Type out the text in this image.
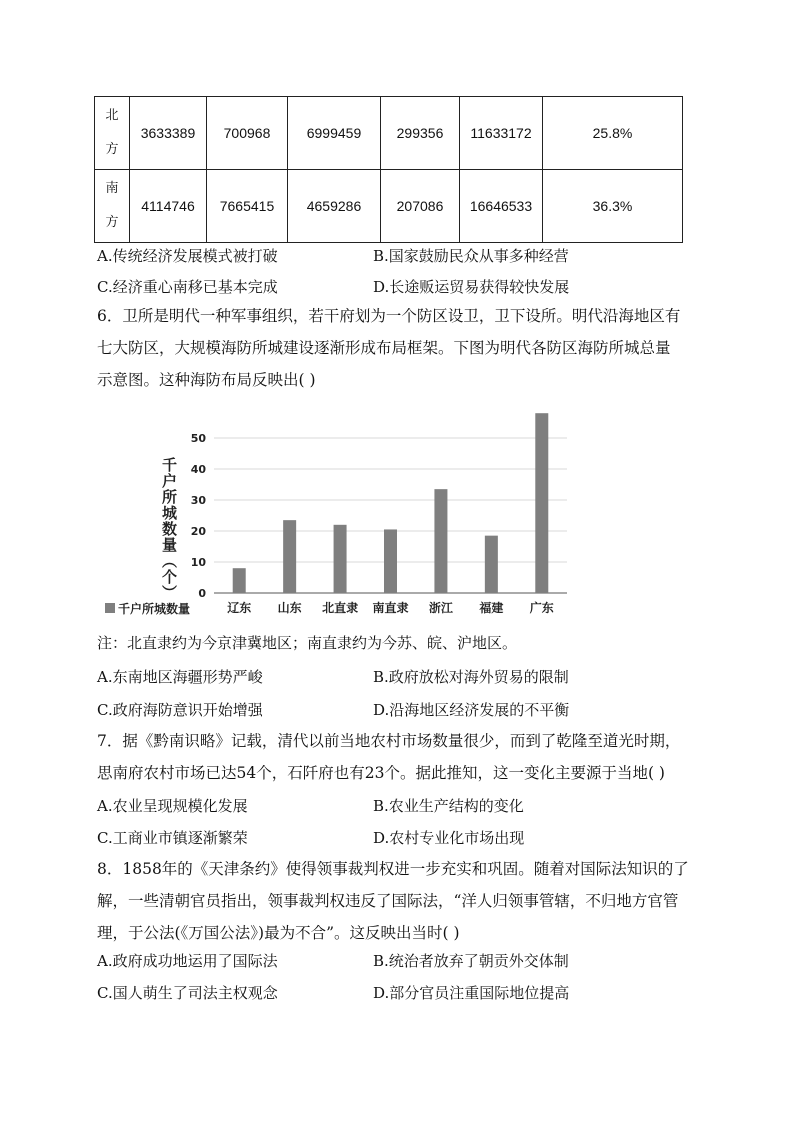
北
方	3633389	700968	6999459	299356	11633172	25.8%

南
方	4114746	7665415	4659286	207086	16646533	36.3%
A.传统经济发展模式被打破	B.国家鼓励民众从事多种经营
C.经济重心南移已基本完成	D.长途贩运贸易获得较快发展
6．卫所是明代一种军事组织，若干府划为一个防区设卫，卫下设所。明代沿海地区有
七大防区，大规模海防所城建设逐渐形成布局框架。下图为明代各防区海防所城总量
示意图。这种海防布局反映出( )
0
10
20
30
40
50
辽东 山东 北直隶 南直隶 浙江 福建 广东
千户所城数量（个）
千户所城数量
注：北直隶约为今京津冀地区；南直隶约为今苏、皖、沪地区。
A.东南地区海疆形势严峻	B.政府放松对海外贸易的限制
C.政府海防意识开始增强	D.沿海地区经济发展的不平衡
7．据《黔南识略》记载，清代以前当地农村市场数量很少，而到了乾隆至道光时期，
思南府农村市场已达54个，石阡府也有23个。据此推知，这一变化主要源于当地( )
A.农业呈现规模化发展	B.农业生产结构的变化
C.工商业市镇逐渐繁荣	D.农村专业化市场出现
8．1858年的《天津条约》使得领事裁判权进一步充实和巩固。随着对国际法知识的了
解，一些清朝官员指出，领事裁判权违反了国际法，“洋人归领事管辖，不归地方官管
理，于公法(《万国公法》)最为不合”。这反映出当时( )
A.政府成功地运用了国际法	B.统治者放弃了朝贡外交体制
C.国人萌生了司法主权观念	D.部分官员注重国际地位提高
